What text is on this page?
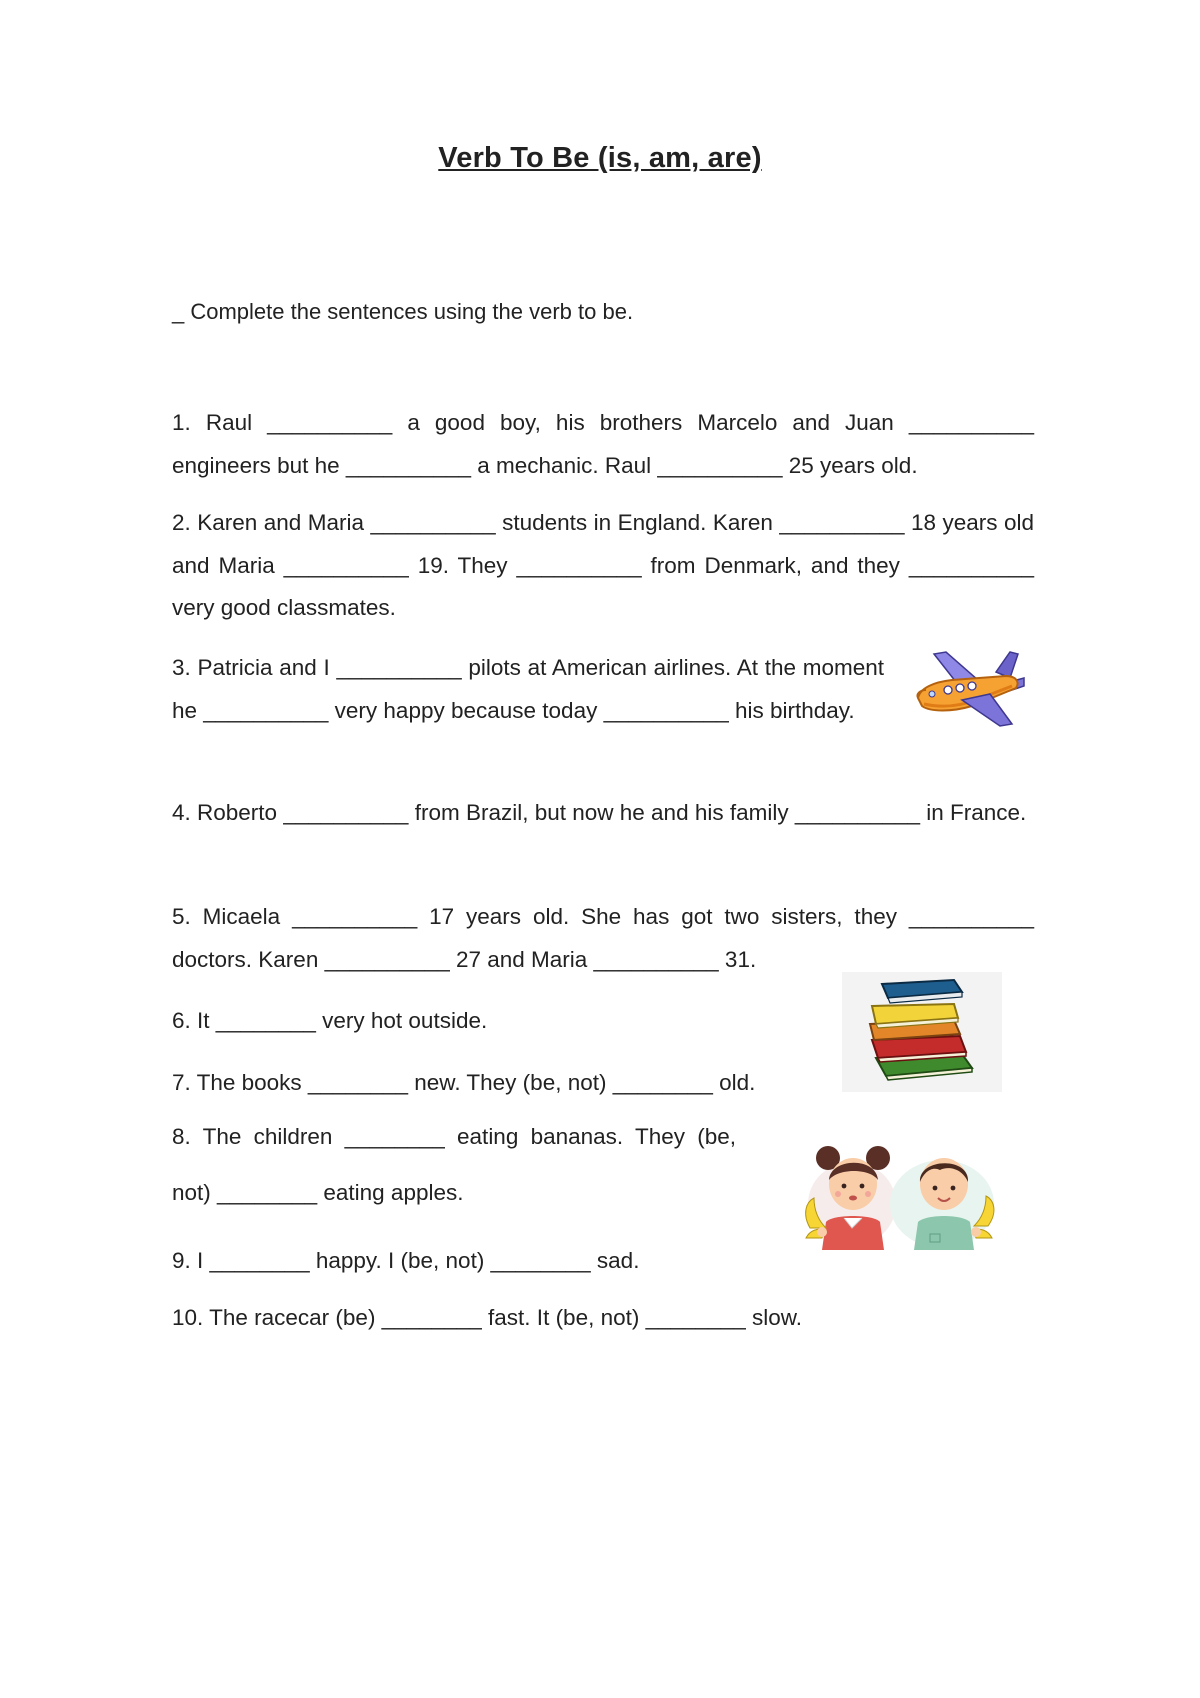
Verb To Be (is, am, are)
_ Complete the sentences using the verb to be.

1. Raul __________ a good boy, his brothers Marcelo and Juan __________ engineers but he __________ a mechanic. Raul __________ 25 years old.

2. Karen and Maria __________ students in England. Karen __________ 18 years old and Maria __________ 19. They __________ from Denmark, and they __________ very good classmates.

3. Patricia and I __________ pilots at American airlines. At the moment he __________ very happy because today __________ his birthday.

4. Roberto __________ from Brazil, but now he and his family __________ in France.

5. Micaela __________ 17 years old. She has got two sisters, they __________ doctors. Karen __________ 27 and Maria __________ 31.

6. It ________ very hot outside.

7. The books ________ new. They (be, not) ________ old.

8. The children ________ eating bananas. They (be,

not) ________ eating apples.

9. I ________ happy. I (be, not) ________ sad.

10. The racecar (be) ________ fast. It (be, not) ________ slow.
